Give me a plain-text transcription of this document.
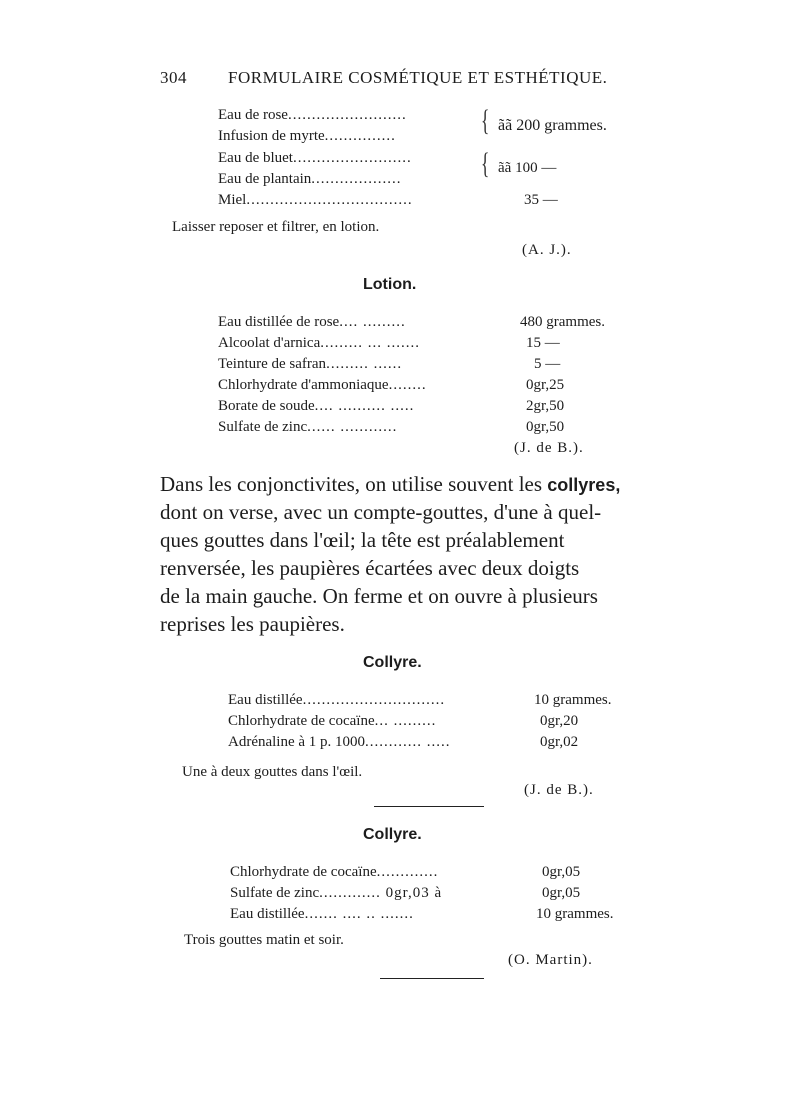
304 FORMULAIRE COSMÉTIQUE ET ESTHÉTIQUE.
Eau de rose.........................
Infusion de myrte...............	{ ãã 200 grammes.
Eau de bluet.........................
Eau de plantain...................	{ ãã 100 —
Miel...................................	35 —
Laisser reposer et filtrer, en lotion.
(A. J.).
Lotion.
Eau distillée de rose.... .........	480 grammes.
Alcoolat d'arnica......... ... .......	15 —
Teinture de safran......... ......	5 —
Chlorhydrate d'ammoniaque........	0gr,25
Borate de soude.... .......... .....	2gr,50
Sulfate de zinc...... ............	0gr,50
(J. de B.).
Dans les conjonctivites, on utilise souvent les collyres,
dont on verse, avec un compte-gouttes, d'une à quel-
ques gouttes dans l'œil; la tête est préalablement
renversée, les paupières écartées avec deux doigts
de la main gauche. On ferme et on ouvre à plusieurs
reprises les paupières.
Collyre.
Eau distillée..............................	10 grammes.
Chlorhydrate de cocaïne... .........	0gr,20
Adrénaline à 1 p. 1000............ .....	0gr,02
Une à deux gouttes dans l'œil.
(J. de B.).
Collyre.
Chlorhydrate de cocaïne.............	0gr,05
Sulfate de zinc............. 0gr,03 à	0gr,05
Eau distillée....... .... .. .......	10 grammes.
Trois gouttes matin et soir.
(O. Martin).
